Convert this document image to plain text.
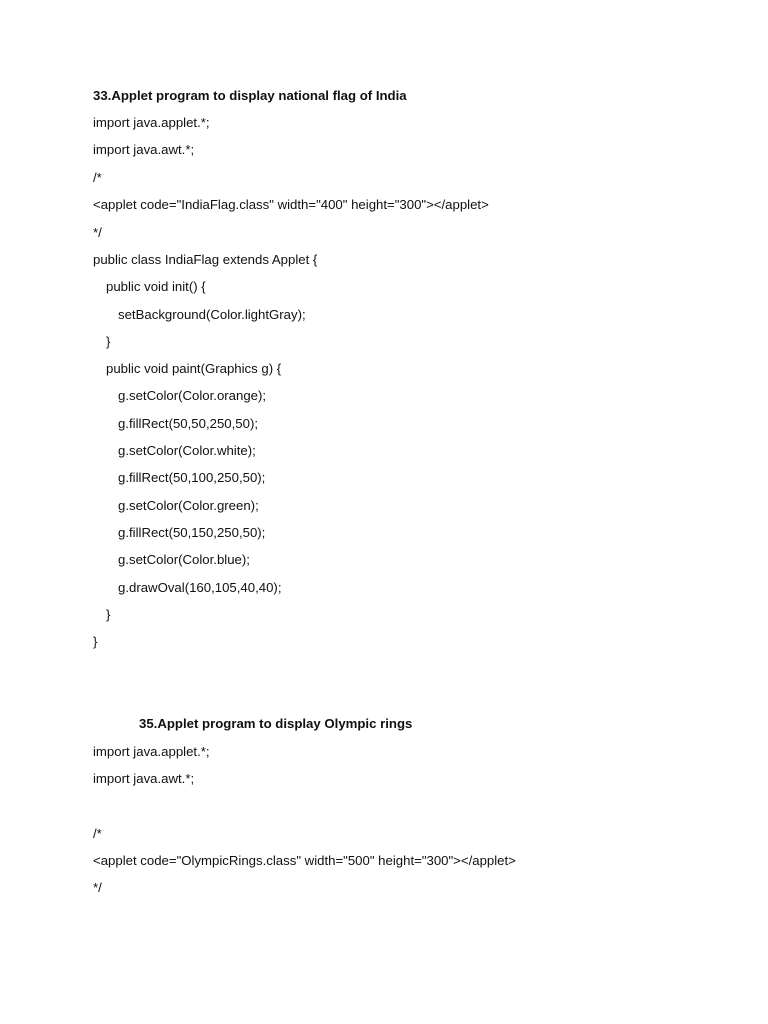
33.Applet program to display national flag of India
import java.applet.*;
import java.awt.*;
/*
<applet code="IndiaFlag.class" width="400" height="300"></applet>
*/
public class IndiaFlag extends Applet {
public void init() {
setBackground(Color.lightGray);
}
public void paint(Graphics g) {
g.setColor(Color.orange);
g.fillRect(50,50,250,50);
g.setColor(Color.white);
g.fillRect(50,100,250,50);
g.setColor(Color.green);
g.fillRect(50,150,250,50);
g.setColor(Color.blue);
g.drawOval(160,105,40,40);
}
}
35.Applet program to display Olympic rings
import java.applet.*;
import java.awt.*;
/*
<applet code="OlympicRings.class" width="500" height="300"></applet>
*/
